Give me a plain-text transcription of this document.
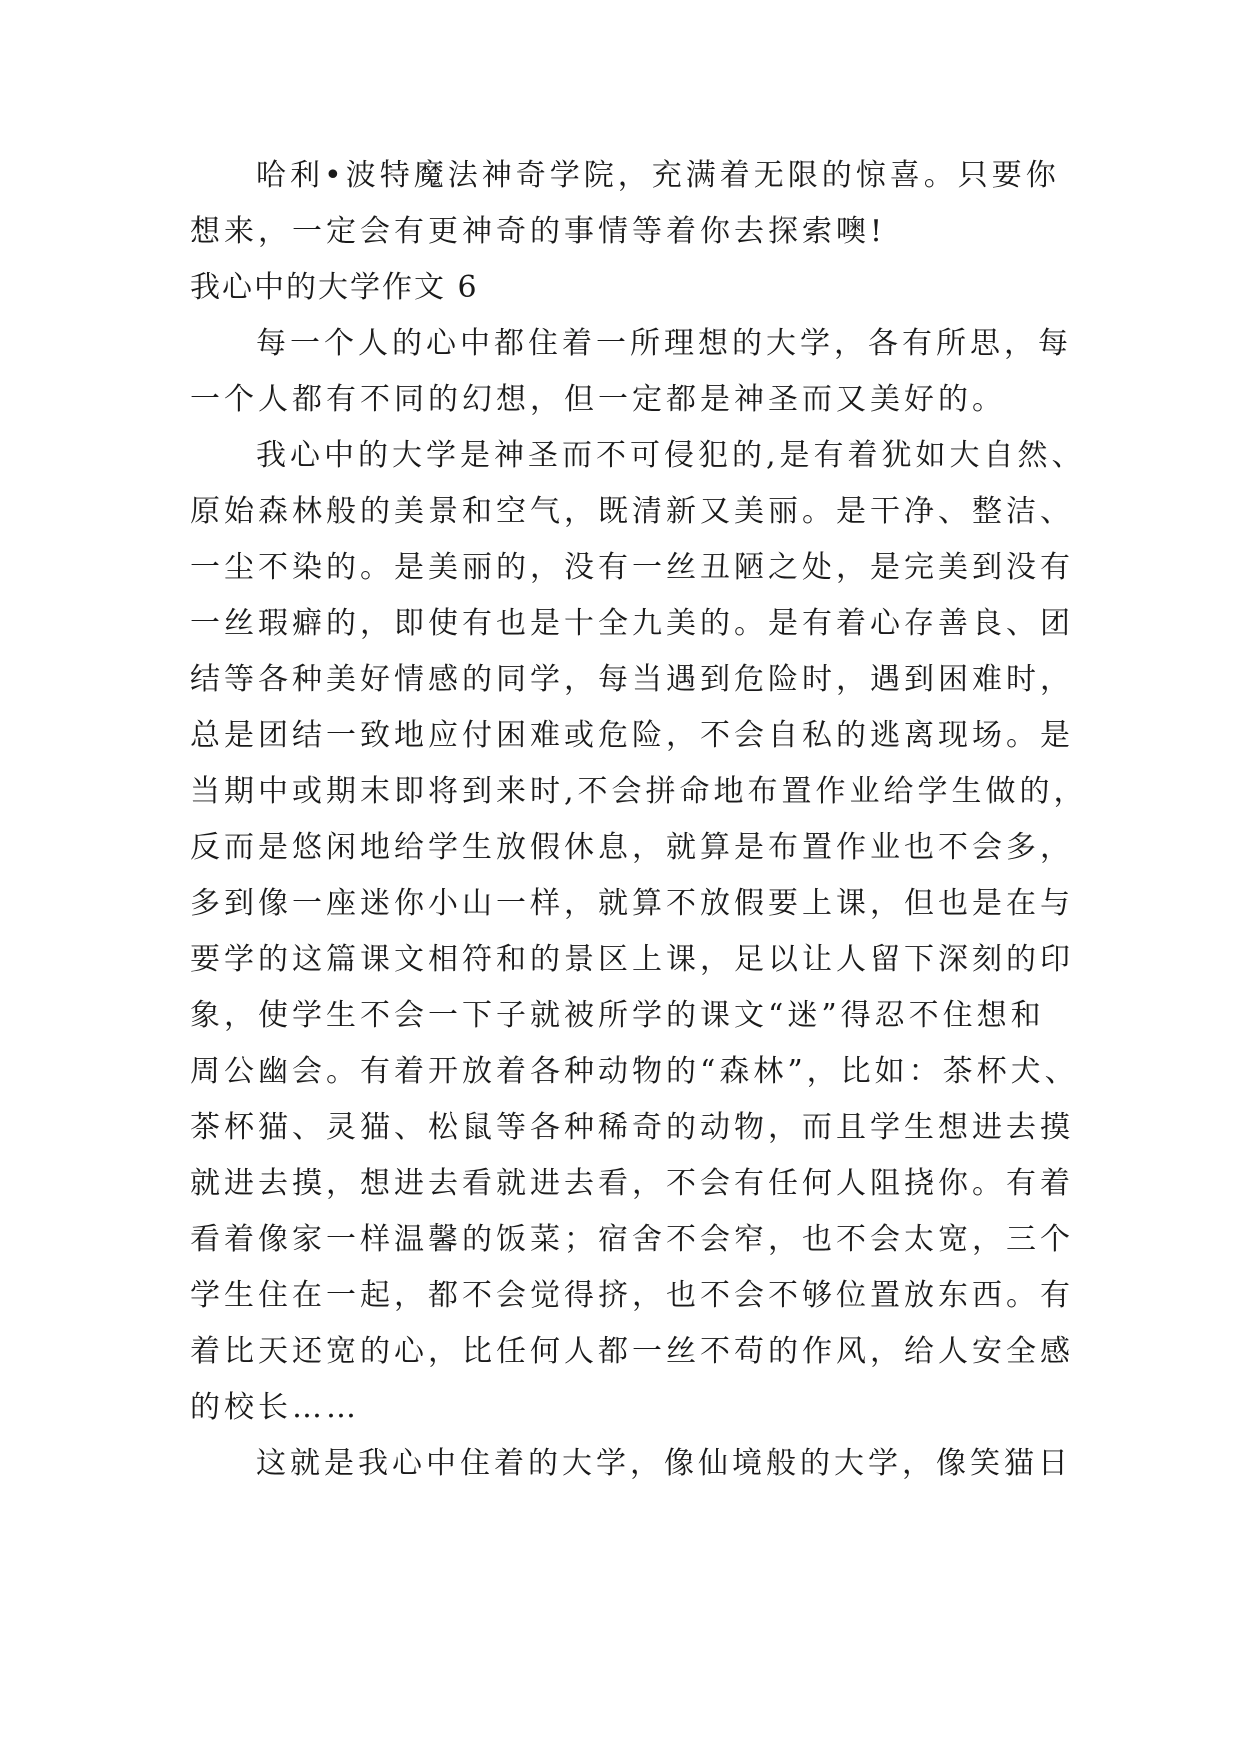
哈利•波特魔法神奇学院，充满着无限的惊喜。只要你
想来，一定会有更神奇的事情等着你去探索噢!
我心中的大学作文 6
每一个人的心中都住着一所理想的大学，各有所思，每
一个人都有不同的幻想，但一定都是神圣而又美好的。
我心中的大学是神圣而不可侵犯的,是有着犹如大自然、
原始森林般的美景和空气，既清新又美丽。是干净、整洁、
一尘不染的。是美丽的，没有一丝丑陋之处，是完美到没有
一丝瑕癖的，即使有也是十全九美的。是有着心存善良、团
结等各种美好情感的同学，每当遇到危险时，遇到困难时，
总是团结一致地应付困难或危险，不会自私的逃离现场。是
当期中或期末即将到来时,不会拼命地布置作业给学生做的，
反而是悠闲地给学生放假休息，就算是布置作业也不会多，
多到像一座迷你小山一样，就算不放假要上课，但也是在与
要学的这篇课文相符和的景区上课，足以让人留下深刻的印
象，使学生不会一下子就被所学的课文“迷”得忍不住想和
周公幽会。有着开放着各种动物的“森林”，比如：茶杯犬、
茶杯猫、灵猫、松鼠等各种稀奇的动物，而且学生想进去摸
就进去摸，想进去看就进去看，不会有任何人阻挠你。有着
看着像家一样温馨的饭菜；宿舍不会窄，也不会太宽，三个
学生住在一起，都不会觉得挤，也不会不够位置放东西。有
着比天还宽的心，比任何人都一丝不苟的作风，给人安全感
的校长……
这就是我心中住着的大学，像仙境般的大学，像笑猫日
